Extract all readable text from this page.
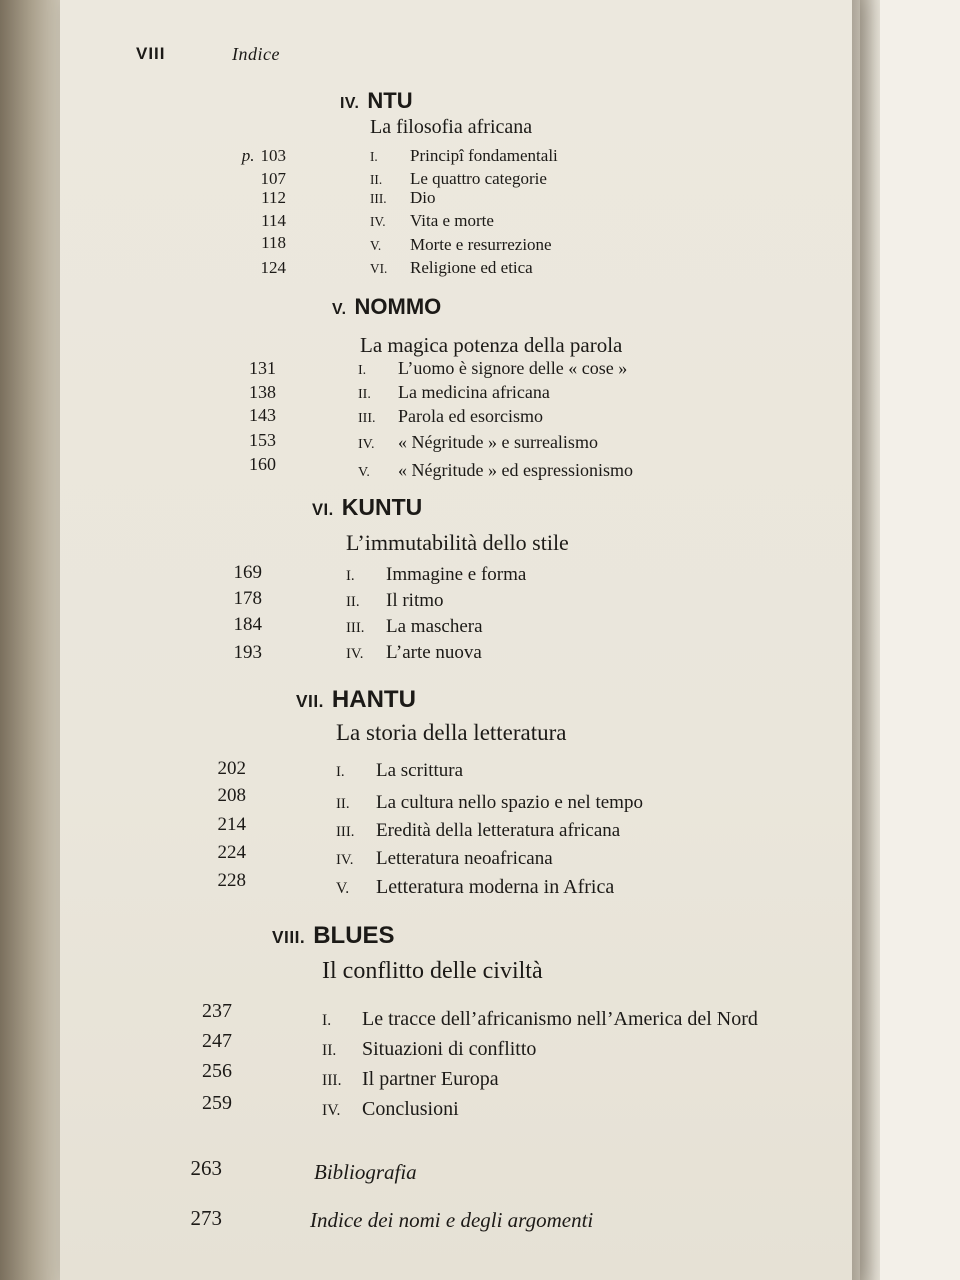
VIII	Indice
IV. NTU
La filosofia africana
p. 103	I. Principî fondamentali
107	II. Le quattro categorie
112	III. Dio
114	IV. Vita e morte
118	V. Morte e resurrezione
124	VI. Religione ed etica
V. NOMMO
La magica potenza della parola
131	I. L’uomo è signore delle « cose »
138	II. La medicina africana
143	III. Parola ed esorcismo
153	IV. « Négritude » e surrealismo
160	V. « Négritude » ed espressionismo
VI. KUNTU
L’immutabilità dello stile
169	I. Immagine e forma
178	II. Il ritmo
184	III. La maschera
193	IV. L’arte nuova
VII. HANTU
La storia della letteratura
202	I. La scrittura
208	II. La cultura nello spazio e nel tempo
214	III. Eredità della letteratura africana
224	IV. Letteratura neoafricana
228	V. Letteratura moderna in Africa
VIII. BLUES
Il conflitto delle civiltà
237	I. Le tracce dell’africanismo nell’America del Nord
247	II. Situazioni di conflitto
256	III. Il partner Europa
259	IV. Conclusioni
263	Bibliografia
273	Indice dei nomi e degli argomenti
